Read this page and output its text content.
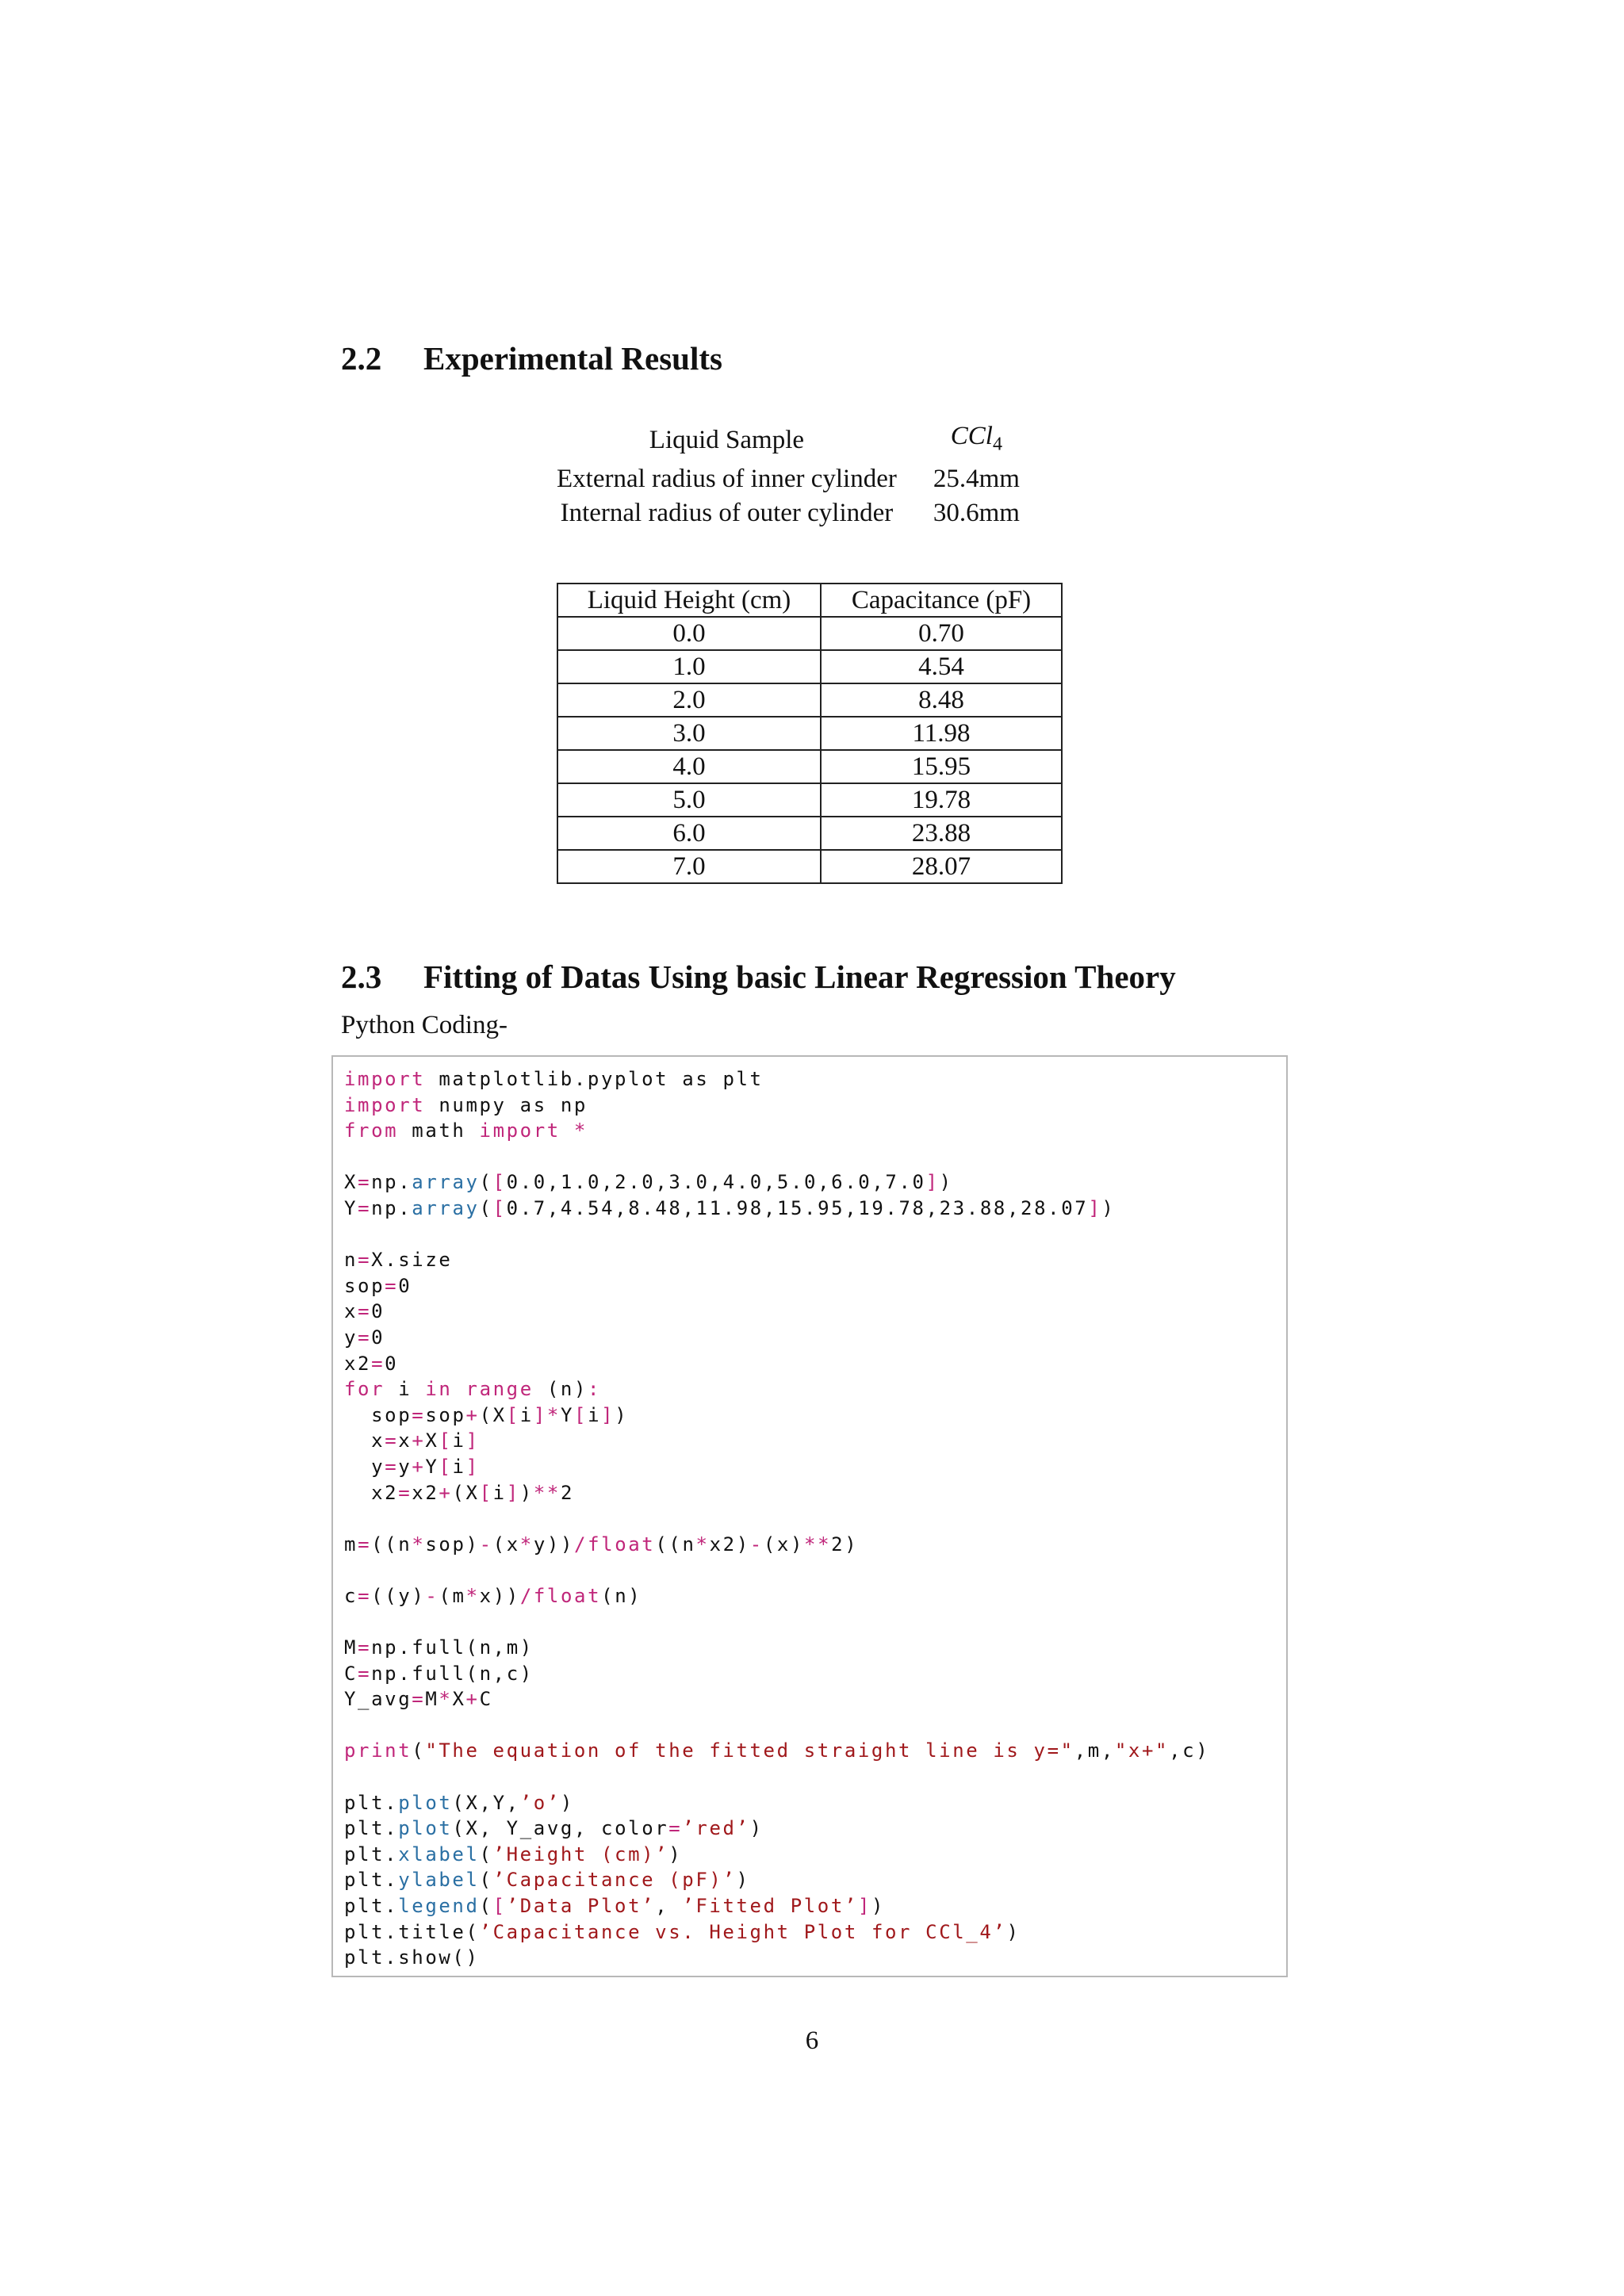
2.2 Experimental Results
Liquid Sample	CCl$_4$
External radius of inner cylinder	25.4mm
Internal radius of outer cylinder	30.6mm
Liquid Height (cm)	Capacitance (pF)
0.0	0.70
1.0	4.54
2.0	8.48
3.0	11.98
4.0	15.95
5.0	19.78
6.0	23.88
7.0	28.07
2.3 Fitting of Datas Using basic Linear Regression Theory
Python Coding-
import matplotlib.pyplot as plt
import numpy as np
from math import *

X=np.array([0.0,1.0,2.0,3.0,4.0,5.0,6.0,7.0])
Y=np.array([0.7,4.54,8.48,11.98,15.95,19.78,23.88,28.07])

n=X.size
sop=0
x=0
y=0
x2=0
for i in range (n):
sop=sop+(X[i]*Y[i])
x=x+X[i]
y=y+Y[i]
x2=x2+(X[i])**2

m=((n*sop)-(x*y))/float((n*x2)-(x)**2)

c=((y)-(m*x))/float(n)

M=np.full(n,m)
C=np.full(n,c)
Y_avg=M*X+C

print("The equation of the fitted straight line is y=",m,"x+",c)

plt.plot(X,Y,’o’)
plt.plot(X, Y_avg, color=’red’)
plt.xlabel(’Height (cm)’)
plt.ylabel(’Capacitance (pF)’)
plt.legend([’Data Plot’, ’Fitted Plot’])
plt.title(’Capacitance vs. Height Plot for CCl_4’)
plt.show()
6
